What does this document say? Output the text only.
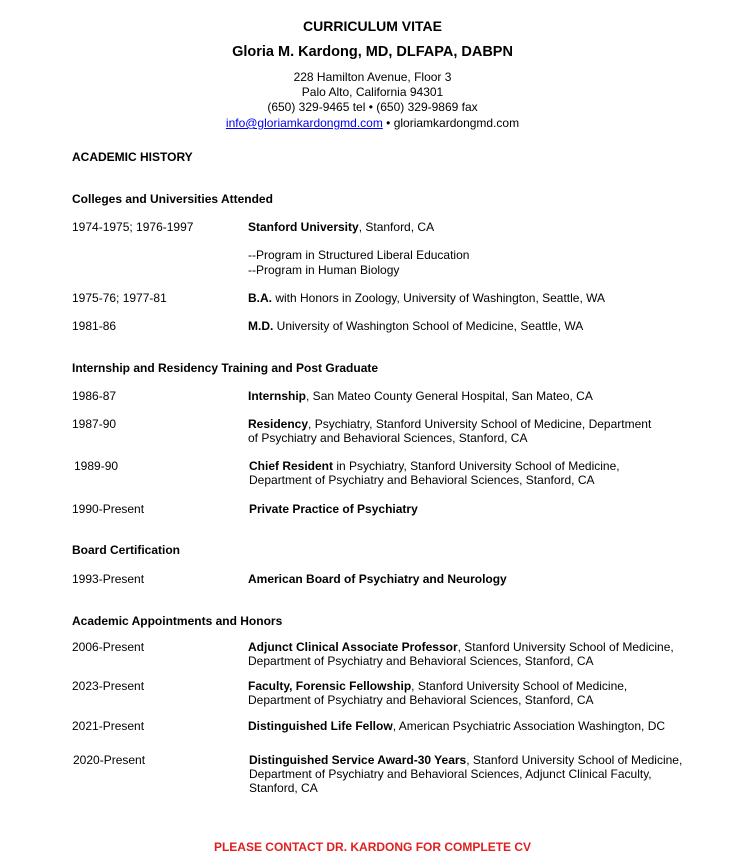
CURRICULUM VITAE
Gloria M. Kardong, MD, DLFAPA, DABPN
228 Hamilton Avenue, Floor 3
Palo Alto, California 94301
(650) 329-9465 tel • (650) 329-9869 fax
info@gloriamkardongmd.com • gloriamkardongmd.com
ACADEMIC HISTORY
Colleges and Universities Attended
1974-1975; 1976-1997	Stanford University, Stanford, CA
--Program in Structured Liberal Education
--Program in Human Biology
1975-76; 1977-81	B.A. with Honors in Zoology, University of Washington, Seattle, WA
1981-86	M.D. University of Washington School of Medicine, Seattle, WA
Internship and Residency Training and Post Graduate
1986-87	Internship, San Mateo County General Hospital, San Mateo, CA
1987-90	Residency, Psychiatry, Stanford University School of Medicine, Department
of Psychiatry and Behavioral Sciences, Stanford, CA
1989-90	Chief Resident in Psychiatry, Stanford University School of Medicine,
Department of Psychiatry and Behavioral Sciences, Stanford, CA
1990-Present	Private Practice of Psychiatry
Board Certification
1993-Present	American Board of Psychiatry and Neurology
Academic Appointments and Honors
2006-Present	Adjunct Clinical Associate Professor, Stanford University School of Medicine,
Department of Psychiatry and Behavioral Sciences, Stanford, CA
2023-Present	Faculty, Forensic Fellowship, Stanford University School of Medicine,
Department of Psychiatry and Behavioral Sciences, Stanford, CA
2021-Present	Distinguished Life Fellow, American Psychiatric Association Washington, DC
2020-Present	Distinguished Service Award-30 Years, Stanford University School of Medicine,
Department of Psychiatry and Behavioral Sciences, Adjunct Clinical Faculty,
Stanford, CA
PLEASE CONTACT DR. KARDONG FOR COMPLETE CV
